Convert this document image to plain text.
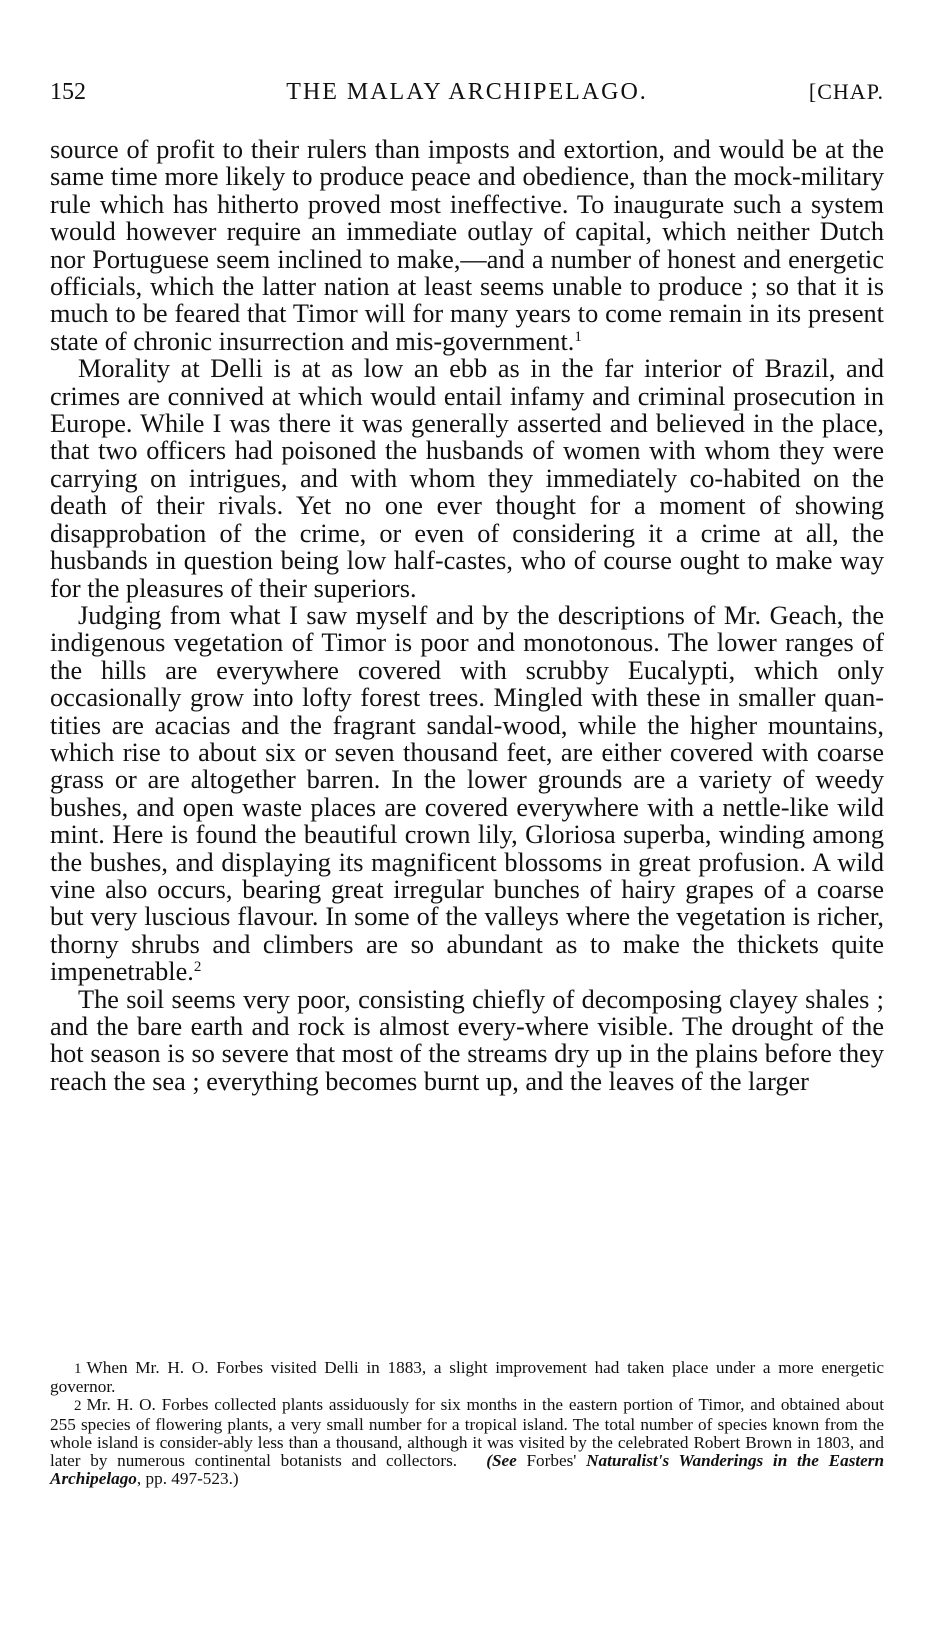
152	THE MALAY ARCHIPELAGO.	[CHAP.

source of profit to their rulers than imposts and extortion, and would be at the same time more likely to produce peace and obedience, than the mock-military rule which has hitherto proved most ineffective. To inaugurate such a system would however require an immediate outlay of capital, which neither Dutch nor Portuguese seem inclined to make,—and a number of honest and energetic officials, which the latter nation at least seems unable to produce ; so that it is much to be feared that Timor will for many years to come remain in its present state of chronic insurrection and mis-government.$^1$

Morality at Delli is at as low an ebb as in the far interior of Brazil, and crimes are connived at which would entail infamy and criminal prosecution in Europe. While I was there it was generally asserted and believed in the place, that two officers had poisoned the husbands of women with whom they were carrying on intrigues, and with whom they immediately co-habited on the death of their rivals. Yet no one ever thought for a moment of showing disapprobation of the crime, or even of considering it a crime at all, the husbands in question being low half-castes, who of course ought to make way for the pleasures of their superiors.

Judging from what I saw myself and by the descriptions of Mr. Geach, the indigenous vegetation of Timor is poor and monotonous. The lower ranges of the hills are everywhere covered with scrubby Eucalypti, which only occasionally grow into lofty forest trees. Mingled with these in smaller quan-tities are acacias and the fragrant sandal-wood, while the higher mountains, which rise to about six or seven thousand feet, are either covered with coarse grass or are altogether barren. In the lower grounds are a variety of weedy bushes, and open waste places are covered everywhere with a nettle-like wild mint. Here is found the beautiful crown lily, Gloriosa superba, winding among the bushes, and displaying its magnificent blossoms in great profusion. A wild vine also occurs, bearing great irregular bunches of hairy grapes of a coarse but very luscious flavour. In some of the valleys where the vegetation is richer, thorny shrubs and climbers are so abundant as to make the thickets quite impenetrable.$^2$

The soil seems very poor, consisting chiefly of decomposing clayey shales ; and the bare earth and rock is almost every-where visible. The drought of the hot season is so severe that most of the streams dry up in the plains before they reach the sea ; everything becomes burnt up, and the leaves of the larger

1 When Mr. H. O. Forbes visited Delli in 1883, a slight improvement had taken place under a more energetic governor.

2 Mr. H. O. Forbes collected plants assiduously for six months in the eastern portion of Timor, and obtained about 255 species of flowering plants, a very small number for a tropical island. The total number of species known from the whole island is consider-ably less than a thousand, although it was visited by the celebrated Robert Brown in 1803, and later by numerous continental botanists and collectors. (See Forbes' Naturalist's Wanderings in the Eastern Archipelago, pp. 497-523.)
